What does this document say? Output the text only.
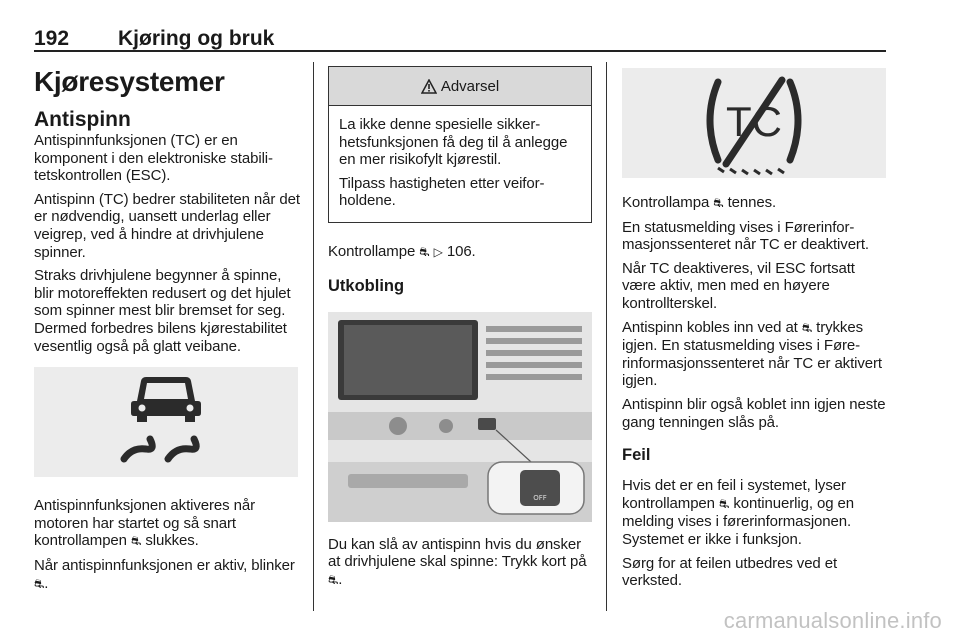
192 Kjøring og bruk
Kjøresystemer
Antispinn

Antispinnfunksjonen (TC) er en komponent i den elektroniske stabilitetskontrollen (ESC).

Antispinn (TC) bedrer stabiliteten når det er nødvendig, uansett underlag eller veigrep, ved å hindre at drivhjulene spinner.

Straks drivhjulene begynner å spinne, blir motoreffekten redusert og det hjulet som spinner mest blir bremset for seg. Dermed forbedres bilens kjørestabilitet vesentlig også på glatt veibane.

Antispinnfunksjonen aktiveres når motoren har startet og så snart kontrollampen ⛐ slukkes.

Når antispinnfunksjonen er aktiv, blinker ⛐.

Advarsel

La ikke denne spesielle sikkerhetsfunksjonen få deg til å anlegge en mer risikofylt kjørestil.

Tilpass hastigheten etter veiforholdene.

Kontrollampe ⛐ ▷ 106.

Utkobling
OFF

Du kan slå av antispinn hvis du ønsker at drivhjulene skal spinne: Trykk kort på ⛐.

TC

Kontrollampa ⛐ tennes.

En statusmelding vises i Førerinformasjonssenteret når TC er deaktivert.

Når TC deaktiveres, vil ESC fortsatt være aktiv, men med en høyere kontrollterskel.

Antispinn kobles inn ved at ⛐ trykkes igjen. En statusmelding vises i Førerinformasjonssenteret når TC er aktivert igjen.

Antispinn blir også koblet inn igjen neste gang tenningen slås på.

Feil

Hvis det er en feil i systemet, lyser kontrollampen ⛐ kontinuerlig, og en melding vises i førerinformasjonen. Systemet er ikke i funksjon.

Sørg for at feilen utbedres ved et verksted.

carmanualsonline.info
